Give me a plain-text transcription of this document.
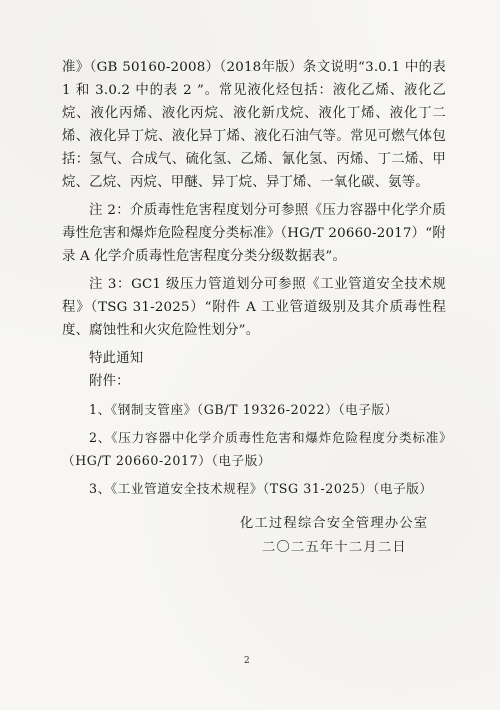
准》（GB 50160-2008）（2018年版）条文说明“3.0.1 中的表 1 和 3.0.2 中的表 2 ”。常见液化烃包括：液化乙烯、液化乙烷、液化丙烯、液化丙烷、液化新戊烷、液化丁烯、液化丁二烯、液化异丁烷、液化异丁烯、液化石油气等。常见可燃气体包括：氢气、合成气、硫化氢、乙烯、氰化氢、丙烯、丁二烯、甲烷、乙烷、丙烷、甲醚、异丁烷、异丁烯、一氧化碳、氨等。

注 2：介质毒性危害程度划分可参照《压力容器中化学介质毒性危害和爆炸危险程度分类标准》（HG/T 20660-2017）“附录 A 化学介质毒性危害程度分类分级数据表”。

注 3：GC1 级压力管道划分可参照《工业管道安全技术规程》（TSG 31-2025）“附件 A 工业管道级别及其介质毒性程度、腐蚀性和火灾危险性划分”。

特此通知

附件：

1、《钢制支管座》（GB/T 19326-2022）（电子版）

2、《压力容器中化学介质毒性危害和爆炸危险程度分类标准》（HG/T 20660-2017）（电子版）

3、《工业管道安全技术规程》（TSG 31-2025）（电子版）

化工过程综合安全管理办公室
二〇二五年十二月二日
2
